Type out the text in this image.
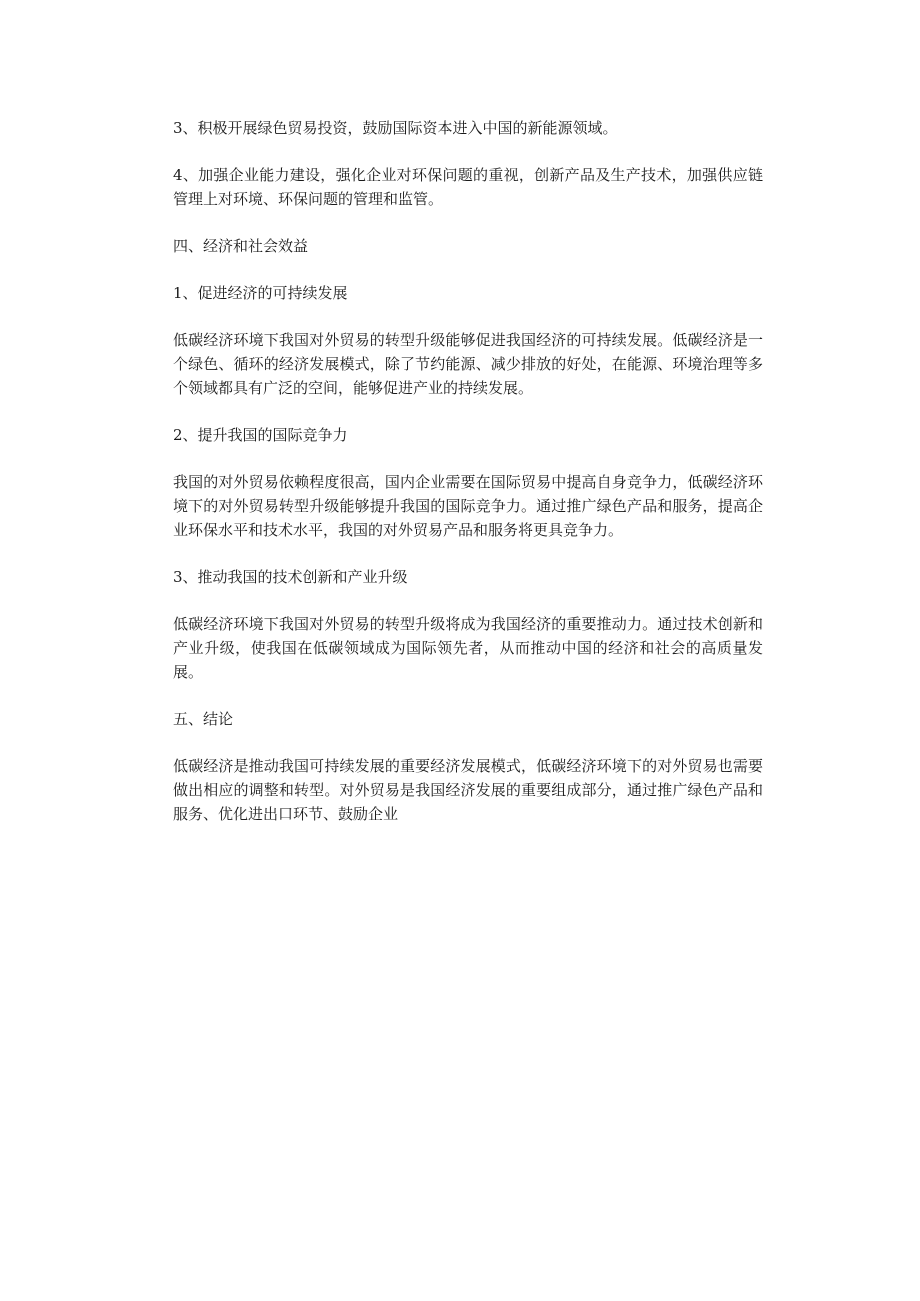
3、积极开展绿色贸易投资，鼓励国际资本进入中国的新能源领域。

4、加强企业能力建设，强化企业对环保问题的重视，创新产品及生产技术，加强供应链管理上对环境、环保问题的管理和监管。

四、经济和社会效益

1、促进经济的可持续发展

低碳经济环境下我国对外贸易的转型升级能够促进我国经济的可持续发展。低碳经济是一个绿色、循环的经济发展模式，除了节约能源、减少排放的好处，在能源、环境治理等多个领域都具有广泛的空间，能够促进产业的持续发展。

2、提升我国的国际竞争力

我国的对外贸易依赖程度很高，国内企业需要在国际贸易中提高自身竞争力，低碳经济环境下的对外贸易转型升级能够提升我国的国际竞争力。通过推广绿色产品和服务，提高企业环保水平和技术水平，我国的对外贸易产品和服务将更具竞争力。

3、推动我国的技术创新和产业升级

低碳经济环境下我国对外贸易的转型升级将成为我国经济的重要推动力。通过技术创新和产业升级，使我国在低碳领域成为国际领先者，从而推动中国的经济和社会的高质量发展。

五、结论

低碳经济是推动我国可持续发展的重要经济发展模式，低碳经济环境下的对外贸易也需要做出相应的调整和转型。对外贸易是我国经济发展的重要组成部分，通过推广绿色产品和服务、优化进出口环节、鼓励企业
